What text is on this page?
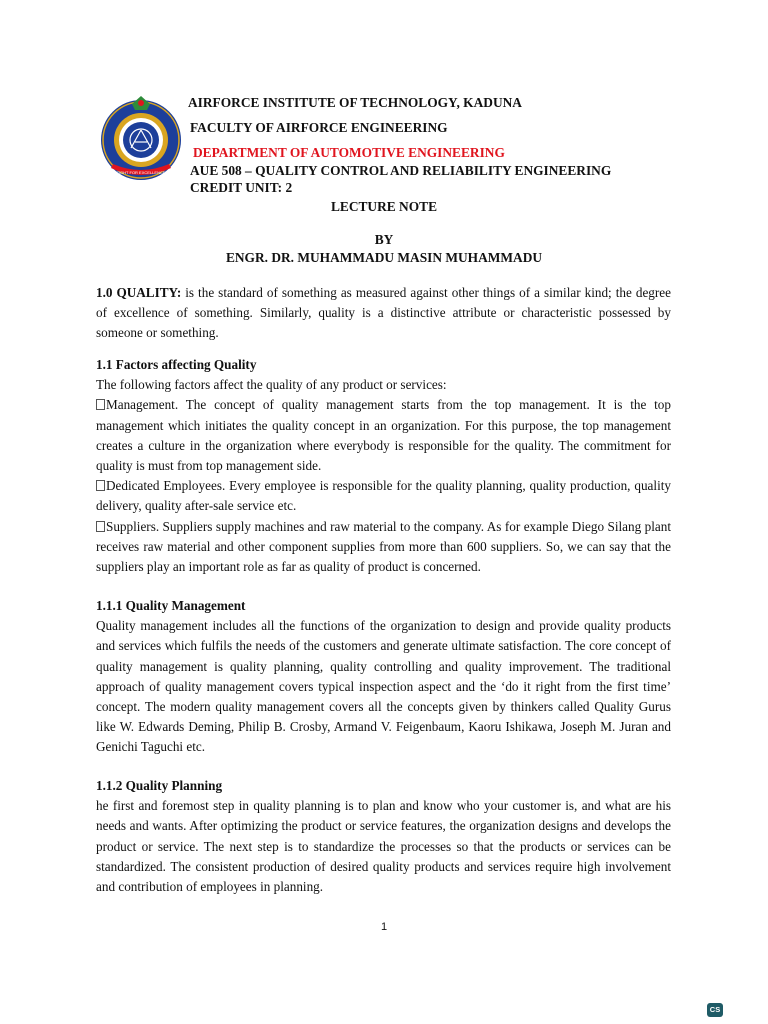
FIGHT FOR EXCELLENCE
AIRFORCE INSTITUTE OF TECHNOLOGY, KADUNA
FACULTY OF AIRFORCE ENGINEERING
DEPARTMENT OF AUTOMOTIVE ENGINEERING
AUE 508 – QUALITY CONTROL AND RELIABILITY ENGINEERING
CREDIT UNIT: 2
LECTURE NOTE
BY
ENGR. DR. MUHAMMADU MASIN MUHAMMADU

1.0 QUALITY: is the standard of something as measured against other things of a similar kind; the degree of excellence of something. Similarly, quality is a distinctive attribute or characteristic possessed by someone or something.

1.1 Factors affecting Quality

The following factors affect the quality of any product or services:

Management. The concept of quality management starts from the top management. It is the top management which initiates the quality concept in an organization. For this purpose, the top management creates a culture in the organization where everybody is responsible for the quality. The commitment for quality is must from top management side.

Dedicated Employees. Every employee is responsible for the quality planning, quality production, quality delivery, quality after-sale service etc.

Suppliers. Suppliers supply machines and raw material to the company. As for example Diego Silang plant receives raw material and other component supplies from more than 600 suppliers. So, we can say that the suppliers play an important role as far as quality of product is concerned.

1.1.1 Quality Management

Quality management includes all the functions of the organization to design and provide quality products and services which fulfils the needs of the customers and generate ultimate satisfaction. The core concept of quality management is quality planning, quality controlling and quality improvement. The traditional approach of quality management covers typical inspection aspect and the ‘do it right from the first time’ concept. The modern quality management covers all the concepts given by thinkers called Quality Gurus like W. Edwards Deming, Philip B. Crosby, Armand V. Feigenbaum, Kaoru Ishikawa, Joseph M. Juran and Genichi Taguchi etc.

1.1.2 Quality Planning

he first and foremost step in quality planning is to plan and know who your customer is, and what are his needs and wants. After optimizing the product or service features, the organization designs and develops the product or service. The next step is to standardize the processes so that the products or services can be standardized. The consistent production of desired quality products and services require high involvement and contribution of employees in planning.

1
CS
